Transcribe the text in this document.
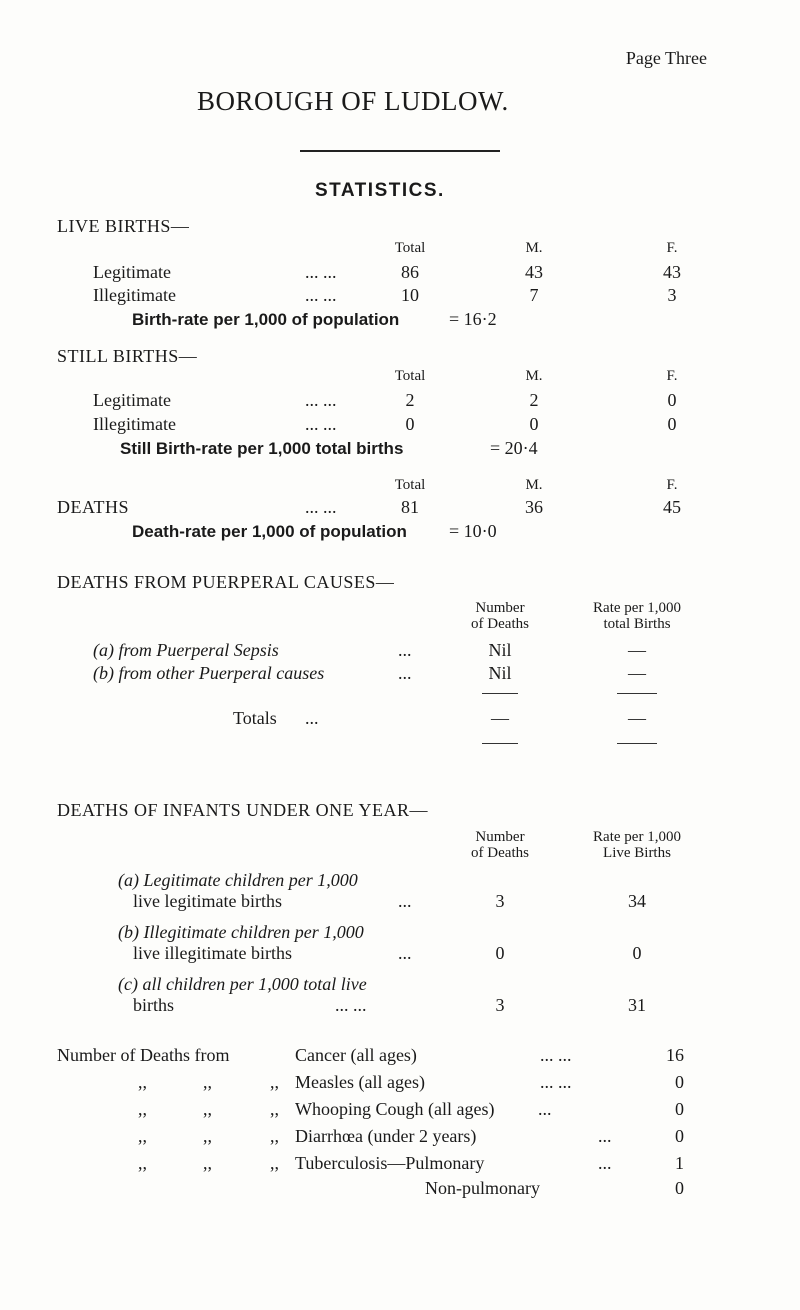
Page Three
BOROUGH OF LUDLOW.
STATISTICS.
LIVE BIRTHS—
Total	M.	F.
Legitimate	... ...	86	43	43
Illegitimate	... ...	10	7	3
Birth-rate per 1,000 of population	= 16·2
STILL BIRTHS—
Total	M.	F.
Legitimate	... ...	2	2	0
Illegitimate	... ...	0	0	0
Still Birth-rate per 1,000 total births	= 20·4
Total	M.	F.
DEATHS	... ...	81	36	45
Death-rate per 1,000 of population = 10·0
DEATHS FROM PUERPERAL CAUSES—
Number
of Deaths
Rate per 1,000
total Births
(a) from Puerperal Sepsis	...	Nil	—
(b) from other Puerperal causes	...	Nil	—
Totals ...	—	—
DEATHS OF INFANTS UNDER ONE YEAR—
Number
of Deaths
Rate per 1,000
Live Births
(a) Legitimate children per 1,000
live legitimate births	...	3	34
(b) Illegitimate children per 1,000
live illegitimate births	...	0	0
(c) all children per 1,000 total live
births	... ...	3	31
Number of Deaths from	Cancer (all ages)	... ...	16
,,	,,	,, Measles (all ages)	... ...	0
,,	,,	,, Whooping Cough (all ages) ...	0
,,	,,	,, Diarrhœa (under 2 years)	...	0
,,	,,	,, Tuberculosis—Pulmonary	...	1
Non-pulmonary	0
